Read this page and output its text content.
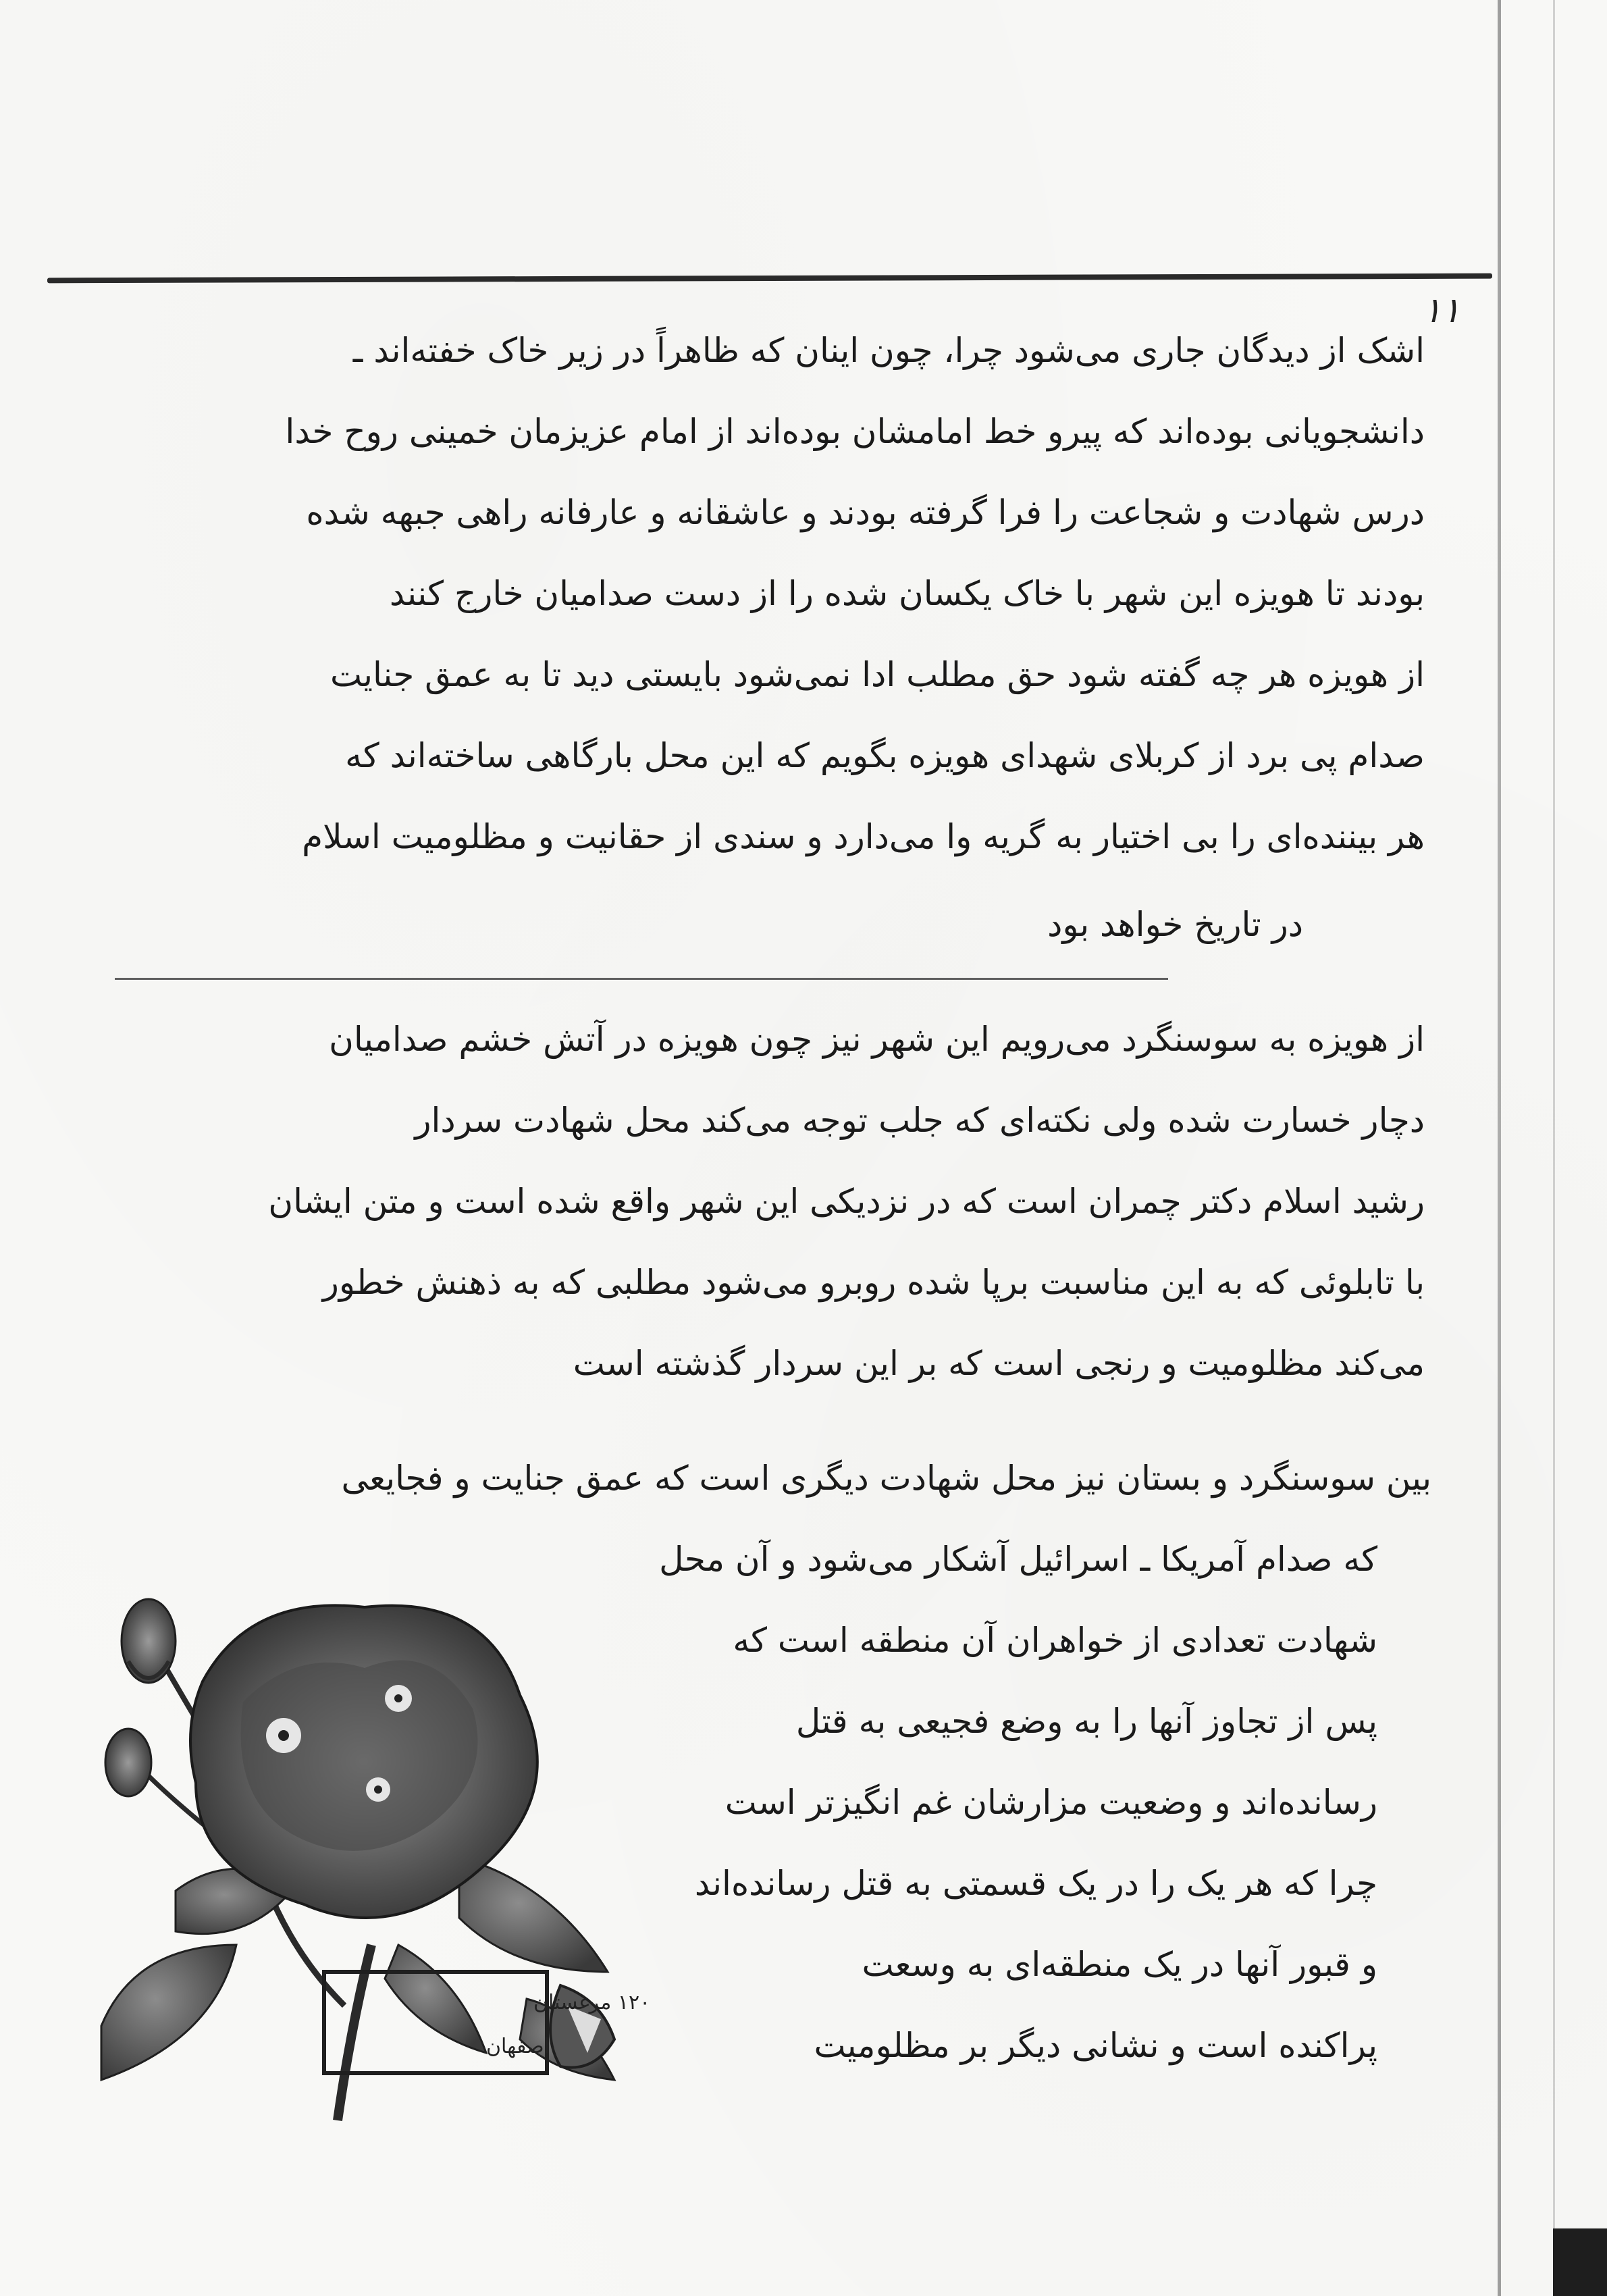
۱۱
اشک از دیدگان جاری می‌شود چرا، چون اینان که ظاهراً در زیر خاک خفته‌اند ـ
دانشجویانی بوده‌اند که پیرو خط امامشان بوده‌اند از امام عزیزمان خمینی روح خدا
درس شهادت و شجاعت را فرا گرفته بودند و عاشقانه و عارفانه راهی جبهه شده
بودند تا هویزه این شهر با خاک یکسان شده را از دست صدامیان خارج کنند
از هویزه هر چه گفته شود حق مطلب ادا نمی‌شود بایستی دید تا به عمق جنایت
صدام پی برد از کربلای شهدای هویزه بگویم که این محل بارگاهی ساخته‌اند که
هر بیننده‌ای را بی اختیار به گریه وا می‌دارد و سندی از حقانیت و مظلومیت اسلام
در تاریخ خواهد بود
از هویزه به سوسنگرد می‌رویم این شهر نیز چون هویزه در آتش خشم صدامیان
دچار خسارت شده ولی نکته‌ای که جلب توجه می‌کند محل شهادت سردار
رشید اسلام دکتر چمران است که در نزدیکی این شهر واقع شده است و متن ایشان
با تابلوئی که به این مناسبت برپا شده روبرو می‌شود مطلبی که به ذهنش خطور
می‌کند مظلومیت و رنجی است که بر این سردار گذشته است
بین سوسنگرد و بستان نیز محل شهادت دیگری است که عمق جنایت و فجایعی
که صدام آمریکا ـ اسرائیل آشکار می‌شود و آن محل
شهادت تعدادی از خواهران آن منطقه است که
پس از تجاوز آنها را به وضع فجیعی به قتل
رسانده‌اند و وضعیت مزارشان غم انگیزتر است
چرا که هر یک را در یک قسمتی به قتل رسانده‌اند
و قبور آنها در یک منطقه‌ای به وسعت
پراکنده است و نشانی دیگر بر مظلومیت
۱۲۰ مرغستان
اصفهان
